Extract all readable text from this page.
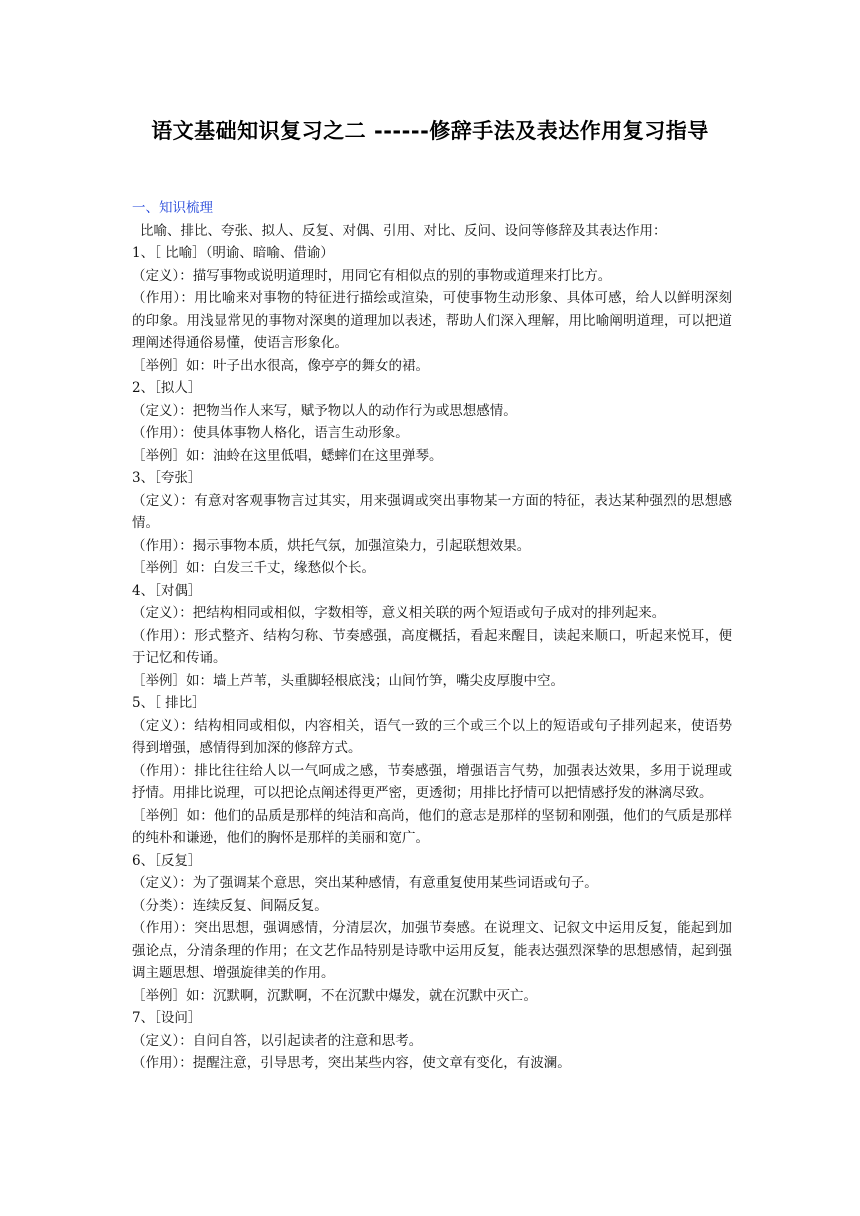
语文基础知识复习之二 ------修辞手法及表达作用复习指导
一、知识梳理
比喻、排比、夸张、拟人、反复、对偶、引用、对比、反问、设问等修辞及其表达作用：
1、［ 比喻］（明谕、暗喻、借谕）
（定义）：描写事物或说明道理时，用同它有相似点的别的事物或道理来打比方。
（作用）：用比喻来对事物的特征进行描绘或渲染，可使事物生动形象、具体可感，给人以鲜明深刻的印象。用浅显常见的事物对深奥的道理加以表述，帮助人们深入理解，用比喻阐明道理，可以把道理阐述得通俗易懂，使语言形象化。
［举例］如：叶子出水很高，像亭亭的舞女的裙。
2、［拟人］
（定义）：把物当作人来写，赋予物以人的动作行为或思想感情。
（作用）：使具体事物人格化，语言生动形象。
［举例］如：油蛉在这里低唱，蟋蟀们在这里弹琴。
3、［夸张］
（定义）：有意对客观事物言过其实，用来强调或突出事物某一方面的特征，表达某种强烈的思想感情。
（作用）：揭示事物本质，烘托气氛，加强渲染力，引起联想效果。
［举例］如：白发三千丈，缘愁似个长。
4、［对偶］
（定义）：把结构相同或相似，字数相等，意义相关联的两个短语或句子成对的排列起来。
（作用）：形式整齐、结构匀称、节奏感强，高度概括，看起来醒目，读起来顺口，听起来悦耳，便于记忆和传诵。
［举例］如：墙上芦苇，头重脚轻根底浅；山间竹笋，嘴尖皮厚腹中空。
5、［ 排比］
（定义）：结构相同或相似，内容相关，语气一致的三个或三个以上的短语或句子排列起来，使语势得到增强，感情得到加深的修辞方式。
（作用）：排比往往给人以一气呵成之感，节奏感强，增强语言气势，加强表达效果，多用于说理或抒情。用排比说理，可以把论点阐述得更严密，更透彻；用排比抒情可以把情感抒发的淋漓尽致。
［举例］如：他们的品质是那样的纯洁和高尚，他们的意志是那样的坚韧和刚强，他们的气质是那样的纯朴和谦逊，他们的胸怀是那样的美丽和宽广。
6、［反复］
（定义）：为了强调某个意思，突出某种感情，有意重复使用某些词语或句子。
（分类）：连续反复、间隔反复。
（作用）：突出思想，强调感情，分清层次，加强节奏感。在说理文、记叙文中运用反复，能起到加强论点，分清条理的作用；在文艺作品特别是诗歌中运用反复，能表达强烈深挚的思想感情，起到强调主题思想、增强旋律美的作用。
［举例］如：沉默啊，沉默啊，不在沉默中爆发，就在沉默中灭亡。
7、［设问］
（定义）：自问自答，以引起读者的注意和思考。
（作用）：提醒注意，引导思考，突出某些内容，使文章有变化，有波澜。
